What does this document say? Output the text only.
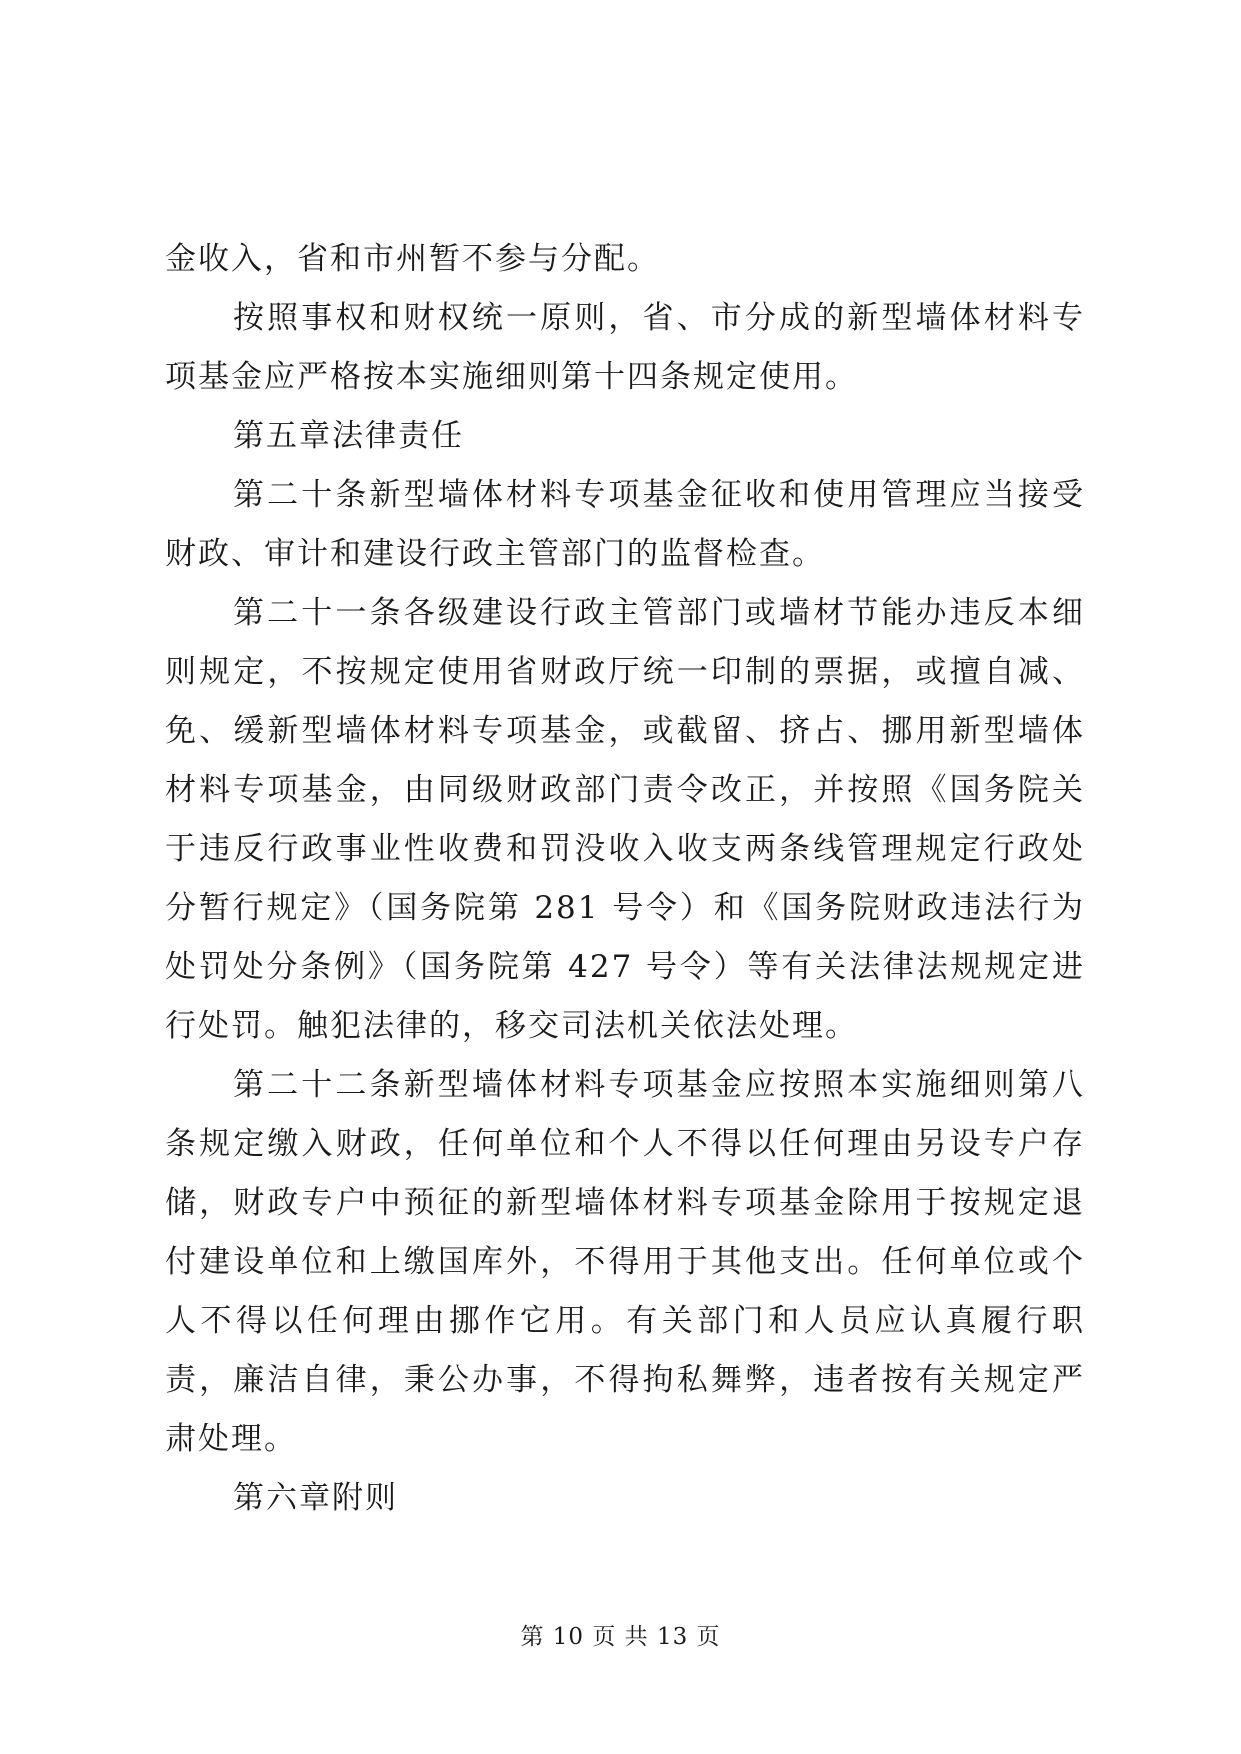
金收入，省和市州暂不参与分配。

按照事权和财权统一原则，省、市分成的新型墙体材料专项基金应严格按本实施细则第十四条规定使用。

第五章法律责任

第二十条新型墙体材料专项基金征收和使用管理应当接受财政、审计和建设行政主管部门的监督检查。

第二十一条各级建设行政主管部门或墙材节能办违反本细则规定，不按规定使用省财政厅统一印制的票据，或擅自减、免、缓新型墙体材料专项基金，或截留、挤占、挪用新型墙体材料专项基金，由同级财政部门责令改正，并按照《国务院关于违反行政事业性收费和罚没收入收支两条线管理规定行政处分暂行规定》（国务院第 281 号令）和《国务院财政违法行为处罚处分条例》（国务院第 427 号令）等有关法律法规规定进行处罚。触犯法律的，移交司法机关依法处理。

第二十二条新型墙体材料专项基金应按照本实施细则第八条规定缴入财政，任何单位和个人不得以任何理由另设专户存储，财政专户中预征的新型墙体材料专项基金除用于按规定退付建设单位和上缴国库外，不得用于其他支出。任何单位或个人不得以任何理由挪作它用。有关部门和人员应认真履行职责，廉洁自律，秉公办事，不得拘私舞弊，违者按有关规定严肃处理。

第六章附则

第 10 页 共 13 页
